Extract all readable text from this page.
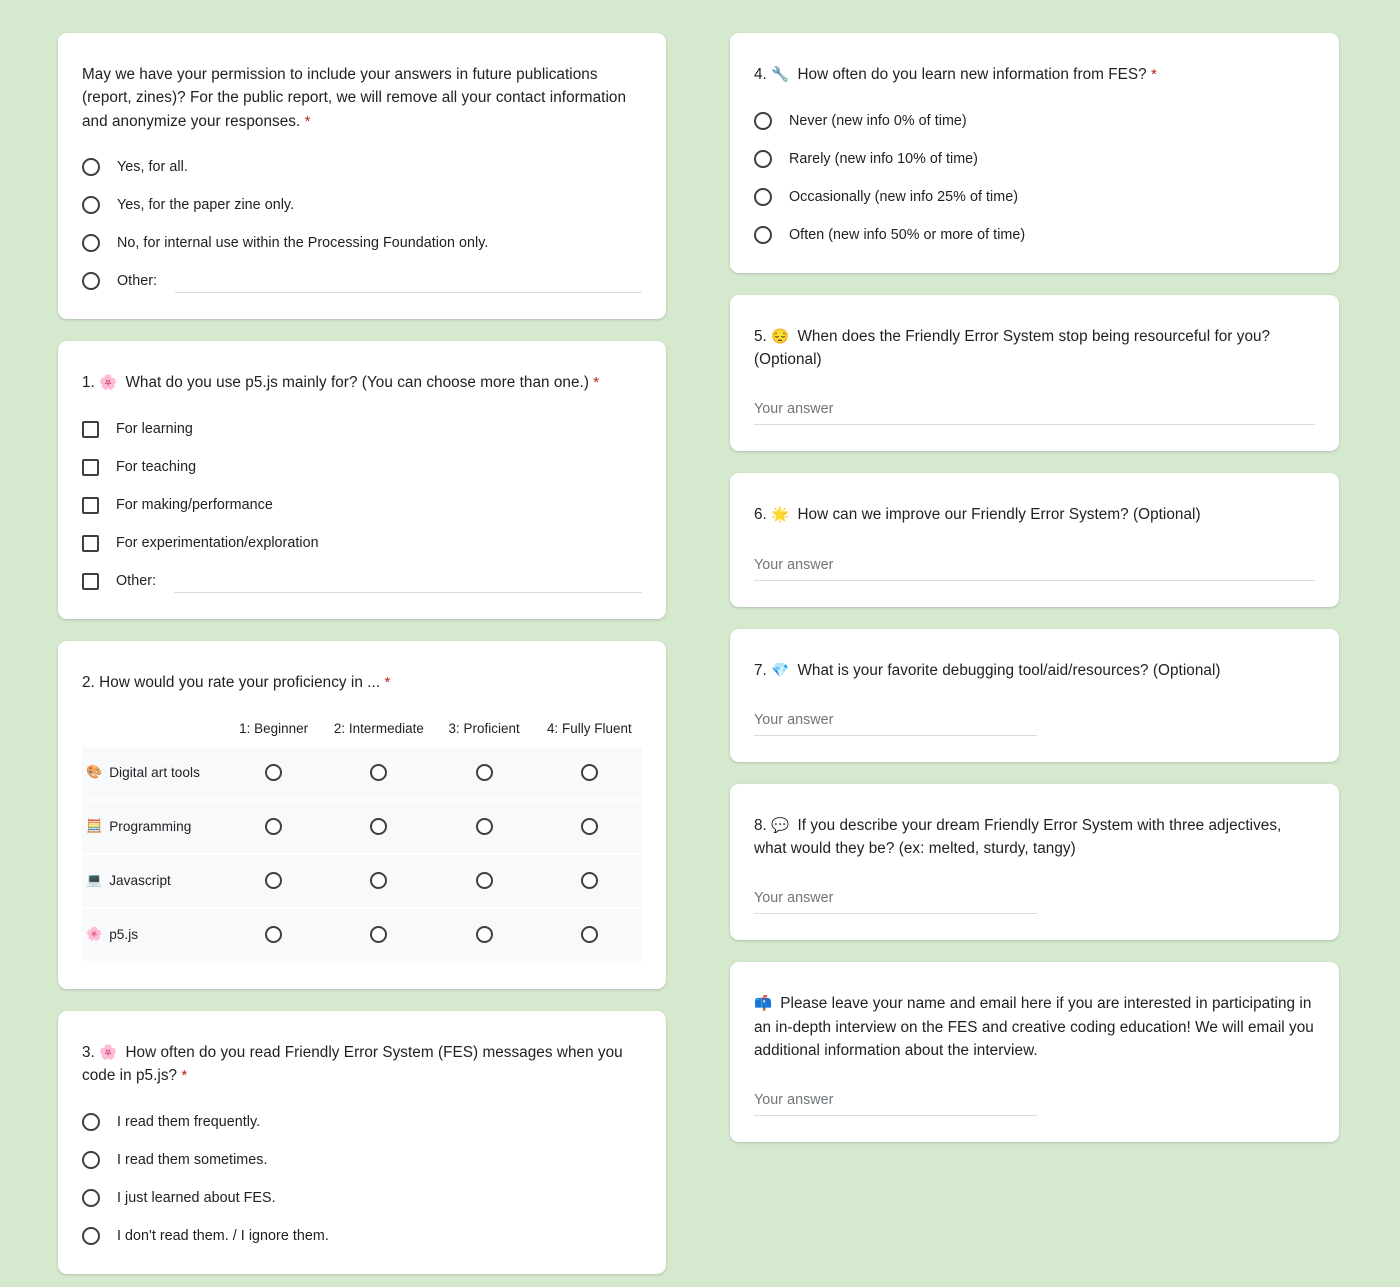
May we have your permission to include your answers in future publications (report, zines)? For the public report, we will remove all your contact information and anonymize your responses. *
Yes, for all.
Yes, for the paper zine only.
No, for internal use within the Processing Foundation only.
Other:
1. 🌸  What do you use p5.js mainly for? (You can choose more than one.) *
For learning
For teaching
For making/performance
For experimentation/exploration
Other:
2. How would you rate your proficiency in ... *
1: Beginner	2: Intermediate	3: Proficient	4: Fully Fluent
🎨 Digital art tools
🧮 Programming
💻 Javascript
🌸 p5.js
3. 🌸  How often do you read Friendly Error System (FES) messages when you code in p5.js? *
I read them frequently.
I read them sometimes.
I just learned about FES.
I don't read them. / I ignore them.
4. 🔧  How often do you learn new information from FES? *
Never (new info 0% of time)
Rarely (new info 10% of time)
Occasionally (new info 25% of time)
Often (new info 50% or more of time)
5. 😔  When does the Friendly Error System stop being resourceful for you? (Optional)
Your answer
6. 🌟  How can we improve our Friendly Error System? (Optional)
Your answer
7. 💎  What is your favorite debugging tool/aid/resources? (Optional)
Your answer
8. 💬  If you describe your dream Friendly Error System with three adjectives, what would they be? (ex: melted, sturdy, tangy)
Your answer
📫  Please leave your name and email here if you are interested in participating in an in-depth interview on the FES and creative coding education! We will email you additional information about the interview.
Your answer
